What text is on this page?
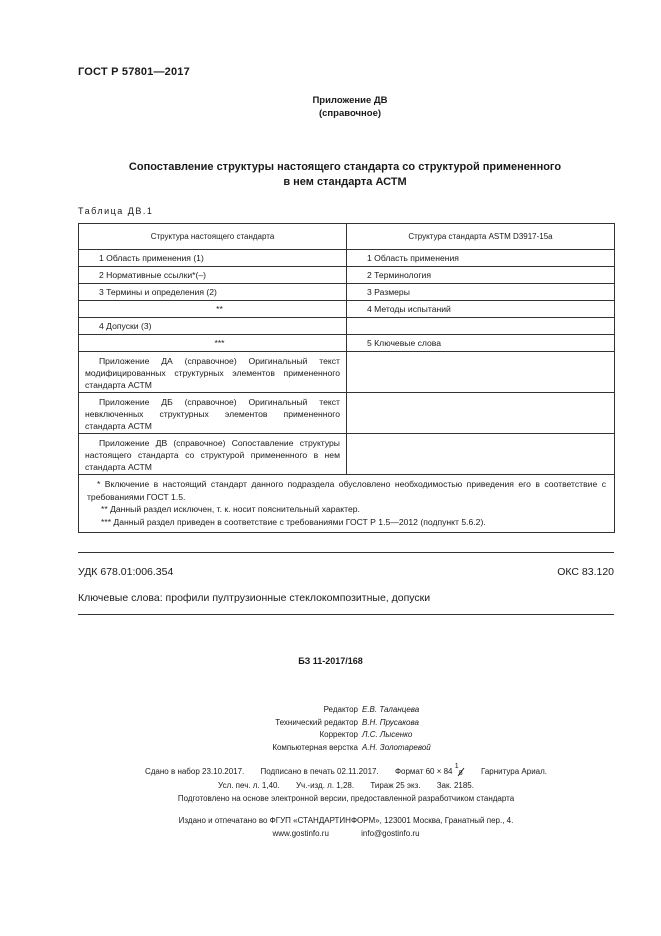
ГОСТ Р 57801—2017
Приложение ДВ
(справочное)
Сопоставление структуры настоящего стандарта со структурой примененного
в нем стандарта АСТМ
Таблица ДВ.1
Структура настоящего стандарта	Структура стандарта ASTM D3917-15a
1 Область применения (1)	1 Область применения
2 Нормативные ссылки*(–)	2 Терминология
3 Термины и определения (2)	3 Размеры
**	4 Методы испытаний
4 Допуски (3)	
***	5 Ключевые слова
Приложение ДА (справочное) Оригинальный текст модифицированных структурных элементов примененного стандарта АСТМ	
Приложение ДБ (справочное) Оригинальный текст невключенных структурных элементов примененного стандарта АСТМ	
Приложение ДВ (справочное) Сопоставление структуры настоящего стандарта со структурой примененного в нем стандарта АСТМ	

* Включение в настоящий стандарт данного подраздела обусловлено необходимостью приведения его в соответствие с требованиями ГОСТ 1.5.
** Данный раздел исключен, т. к. носит пояснительный характер.
*** Данный раздел приведен в соответствие с требованиями ГОСТ Р 1.5—2012 (подпункт 5.6.2).	
УДК 678.01:006.354	ОКС 83.120
Ключевые слова: профили пултрузионные стеклокомпозитные, допуски
БЗ 11-2017/168
Редактор Е.В. Таланцева
Технический редактор В.Н. Прусакова
Корректор Л.С. Лысенко
Компьютерная верстка А.Н. Золотаревой
Сдано в набор 23.10.2017. Подписано в печать 02.11.2017. Формат 60 × 84
1
8 Гарнитура Ариал.
Усл. печ. л. 1,40. Уч.-изд. л. 1,28. Тираж 25 экз. Зак. 2185.
Подготовлено на основе электронной версии, предоставленной разработчиком стандарта
Издано и отпечатано во ФГУП «СТАНДАРТИНФОРМ», 123001 Москва, Гранатный пер., 4.
www.gostinfo.ru	info@gostinfo.ru
